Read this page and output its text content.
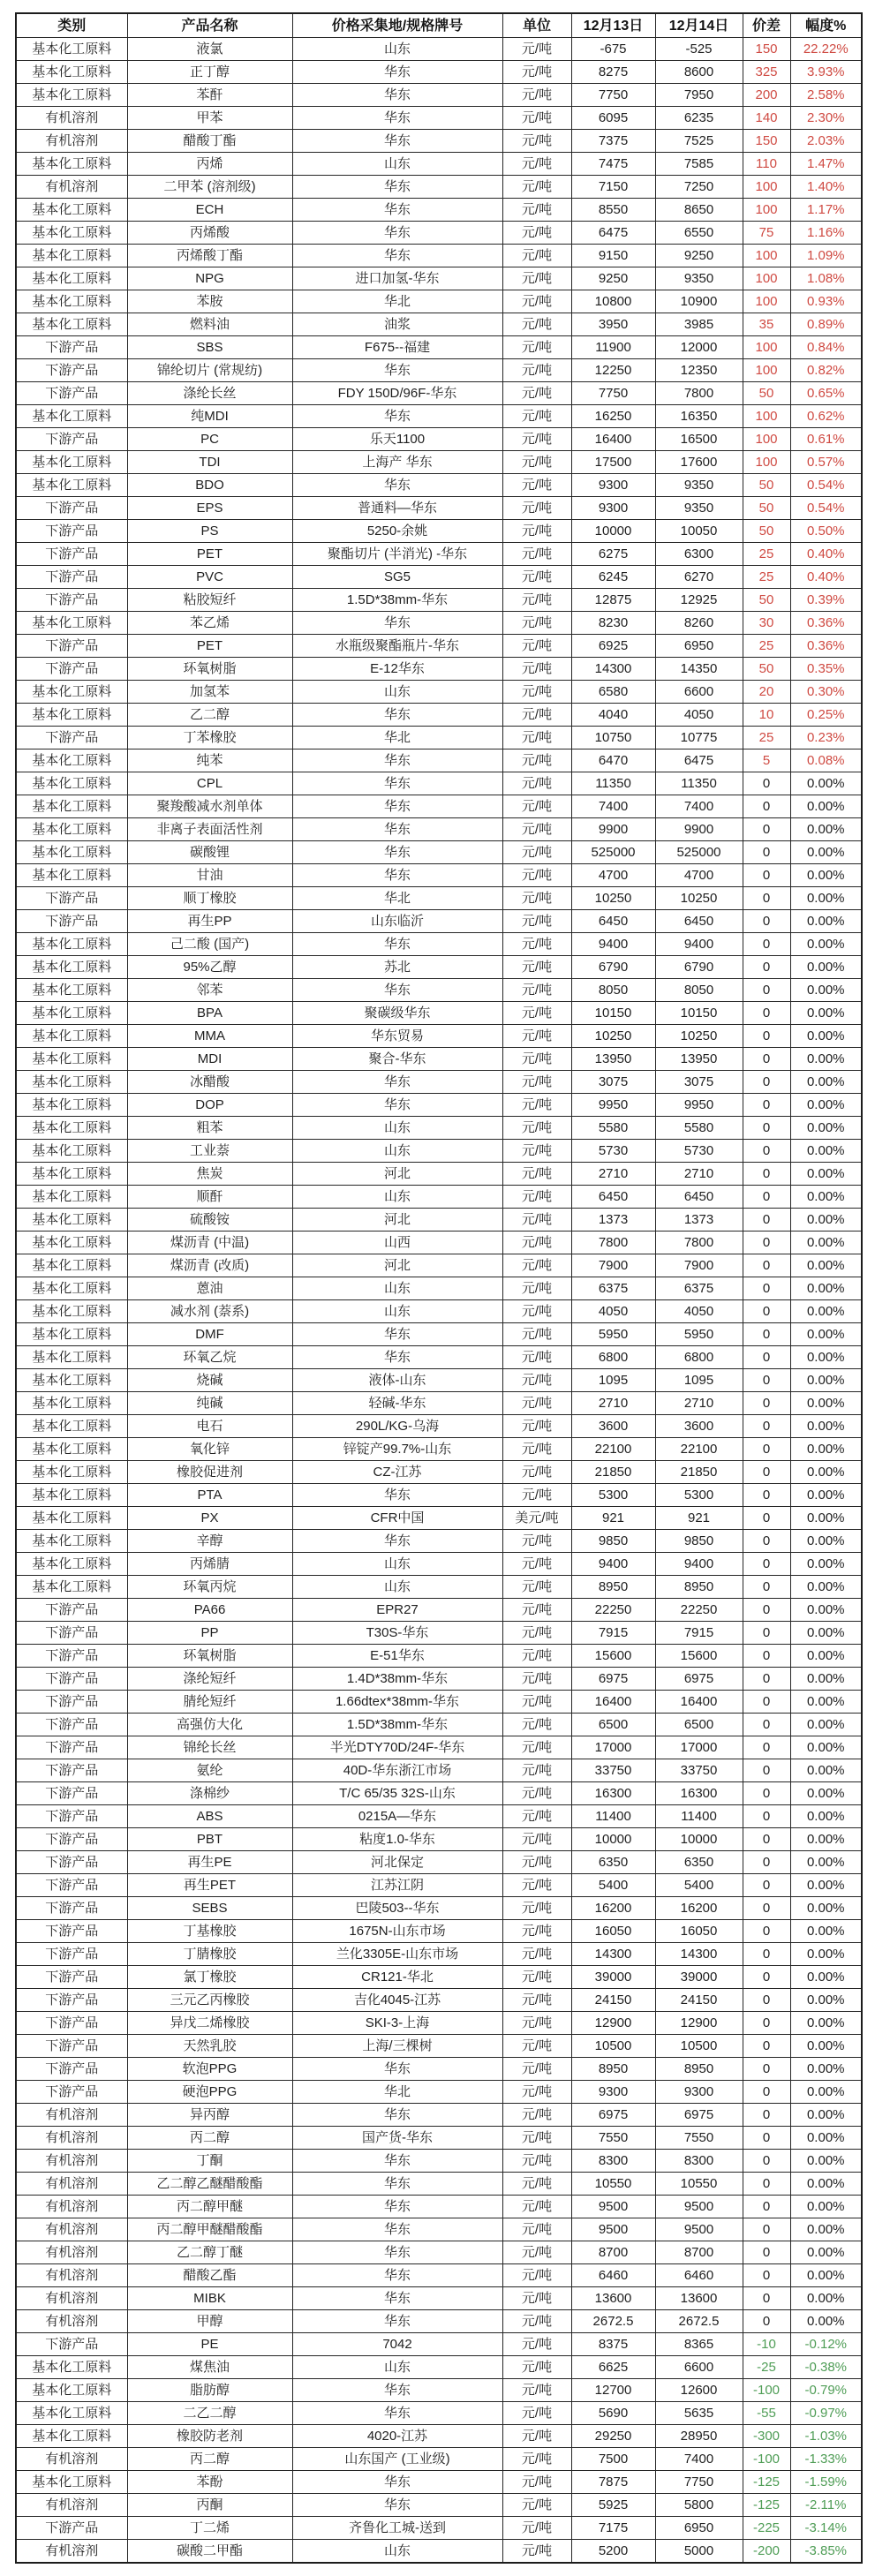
类别	产品名称	价格采集地/规格牌号	单位	12月13日	12月14日	价差	幅度%
基本化工原料	液氯	山东	元/吨	-675	-525	150	22.22%
基本化工原料	正丁醇	华东	元/吨	8275	8600	325	3.93%
基本化工原料	苯酐	华东	元/吨	7750	7950	200	2.58%
有机溶剂	甲苯	华东	元/吨	6095	6235	140	2.30%
有机溶剂	醋酸丁酯	华东	元/吨	7375	7525	150	2.03%
基本化工原料	丙烯	山东	元/吨	7475	7585	110	1.47%
有机溶剂	二甲苯 (溶剂级)	华东	元/吨	7150	7250	100	1.40%
基本化工原料	ECH	华东	元/吨	8550	8650	100	1.17%
基本化工原料	丙烯酸	华东	元/吨	6475	6550	75	1.16%
基本化工原料	丙烯酸丁酯	华东	元/吨	9150	9250	100	1.09%
基本化工原料	NPG	进口加氢-华东	元/吨	9250	9350	100	1.08%
基本化工原料	苯胺	华北	元/吨	10800	10900	100	0.93%
基本化工原料	燃料油	油浆	元/吨	3950	3985	35	0.89%
下游产品	SBS	F675--福建	元/吨	11900	12000	100	0.84%
下游产品	锦纶切片 (常规纺)	华东	元/吨	12250	12350	100	0.82%
下游产品	涤纶长丝	FDY 150D/96F-华东	元/吨	7750	7800	50	0.65%
基本化工原料	纯MDI	华东	元/吨	16250	16350	100	0.62%
下游产品	PC	乐天1100	元/吨	16400	16500	100	0.61%
基本化工原料	TDI	上海产 华东	元/吨	17500	17600	100	0.57%
基本化工原料	BDO	华东	元/吨	9300	9350	50	0.54%
下游产品	EPS	普通料—华东	元/吨	9300	9350	50	0.54%
下游产品	PS	5250-余姚	元/吨	10000	10050	50	0.50%
下游产品	PET	聚酯切片 (半消光) -华东	元/吨	6275	6300	25	0.40%
下游产品	PVC	SG5	元/吨	6245	6270	25	0.40%
下游产品	粘胶短纤	1.5D*38mm-华东	元/吨	12875	12925	50	0.39%
基本化工原料	苯乙烯	华东	元/吨	8230	8260	30	0.36%
下游产品	PET	水瓶级聚酯瓶片-华东	元/吨	6925	6950	25	0.36%
下游产品	环氧树脂	E-12华东	元/吨	14300	14350	50	0.35%
基本化工原料	加氢苯	山东	元/吨	6580	6600	20	0.30%
基本化工原料	乙二醇	华东	元/吨	4040	4050	10	0.25%
下游产品	丁苯橡胶	华北	元/吨	10750	10775	25	0.23%
基本化工原料	纯苯	华东	元/吨	6470	6475	5	0.08%
基本化工原料	CPL	华东	元/吨	11350	11350	0	0.00%
基本化工原料	聚羧酸减水剂单体	华东	元/吨	7400	7400	0	0.00%
基本化工原料	非离子表面活性剂	华东	元/吨	9900	9900	0	0.00%
基本化工原料	碳酸锂	华东	元/吨	525000	525000	0	0.00%
基本化工原料	甘油	华东	元/吨	4700	4700	0	0.00%
下游产品	顺丁橡胶	华北	元/吨	10250	10250	0	0.00%
下游产品	再生PP	山东临沂	元/吨	6450	6450	0	0.00%
基本化工原料	己二酸 (国产)	华东	元/吨	9400	9400	0	0.00%
基本化工原料	95%乙醇	苏北	元/吨	6790	6790	0	0.00%
基本化工原料	邻苯	华东	元/吨	8050	8050	0	0.00%
基本化工原料	BPA	聚碳级华东	元/吨	10150	10150	0	0.00%
基本化工原料	MMA	华东贸易	元/吨	10250	10250	0	0.00%
基本化工原料	MDI	聚合-华东	元/吨	13950	13950	0	0.00%
基本化工原料	冰醋酸	华东	元/吨	3075	3075	0	0.00%
基本化工原料	DOP	华东	元/吨	9950	9950	0	0.00%
基本化工原料	粗苯	山东	元/吨	5580	5580	0	0.00%
基本化工原料	工业萘	山东	元/吨	5730	5730	0	0.00%
基本化工原料	焦炭	河北	元/吨	2710	2710	0	0.00%
基本化工原料	顺酐	山东	元/吨	6450	6450	0	0.00%
基本化工原料	硫酸铵	河北	元/吨	1373	1373	0	0.00%
基本化工原料	煤沥青 (中温)	山西	元/吨	7800	7800	0	0.00%
基本化工原料	煤沥青 (改质)	河北	元/吨	7900	7900	0	0.00%
基本化工原料	蒽油	山东	元/吨	6375	6375	0	0.00%
基本化工原料	减水剂 (萘系)	山东	元/吨	4050	4050	0	0.00%
基本化工原料	DMF	华东	元/吨	5950	5950	0	0.00%
基本化工原料	环氧乙烷	华东	元/吨	6800	6800	0	0.00%
基本化工原料	烧碱	液体-山东	元/吨	1095	1095	0	0.00%
基本化工原料	纯碱	轻碱-华东	元/吨	2710	2710	0	0.00%
基本化工原料	电石	290L/KG-乌海	元/吨	3600	3600	0	0.00%
基本化工原料	氧化锌	锌锭产99.7%-山东	元/吨	22100	22100	0	0.00%
基本化工原料	橡胶促进剂	CZ-江苏	元/吨	21850	21850	0	0.00%
基本化工原料	PTA	华东	元/吨	5300	5300	0	0.00%
基本化工原料	PX	CFR中国	美元/吨	921	921	0	0.00%
基本化工原料	辛醇	华东	元/吨	9850	9850	0	0.00%
基本化工原料	丙烯腈	山东	元/吨	9400	9400	0	0.00%
基本化工原料	环氧丙烷	山东	元/吨	8950	8950	0	0.00%
下游产品	PA66	EPR27	元/吨	22250	22250	0	0.00%
下游产品	PP	T30S-华东	元/吨	7915	7915	0	0.00%
下游产品	环氧树脂	E-51华东	元/吨	15600	15600	0	0.00%
下游产品	涤纶短纤	1.4D*38mm-华东	元/吨	6975	6975	0	0.00%
下游产品	腈纶短纤	1.66dtex*38mm-华东	元/吨	16400	16400	0	0.00%
下游产品	高强仿大化	1.5D*38mm-华东	元/吨	6500	6500	0	0.00%
下游产品	锦纶长丝	半光DTY70D/24F-华东	元/吨	17000	17000	0	0.00%
下游产品	氨纶	40D-华东浙江市场	元/吨	33750	33750	0	0.00%
下游产品	涤棉纱	T/C 65/35 32S-山东	元/吨	16300	16300	0	0.00%
下游产品	ABS	0215A—华东	元/吨	11400	11400	0	0.00%
下游产品	PBT	粘度1.0-华东	元/吨	10000	10000	0	0.00%
下游产品	再生PE	河北保定	元/吨	6350	6350	0	0.00%
下游产品	再生PET	江苏江阴	元/吨	5400	5400	0	0.00%
下游产品	SEBS	巴陵503--华东	元/吨	16200	16200	0	0.00%
下游产品	丁基橡胶	1675N-山东市场	元/吨	16050	16050	0	0.00%
下游产品	丁腈橡胶	兰化3305E-山东市场	元/吨	14300	14300	0	0.00%
下游产品	氯丁橡胶	CR121-华北	元/吨	39000	39000	0	0.00%
下游产品	三元乙丙橡胶	吉化4045-江苏	元/吨	24150	24150	0	0.00%
下游产品	异戊二烯橡胶	SKI-3-上海	元/吨	12900	12900	0	0.00%
下游产品	天然乳胶	上海/三棵树	元/吨	10500	10500	0	0.00%
下游产品	软泡PPG	华东	元/吨	8950	8950	0	0.00%
下游产品	硬泡PPG	华北	元/吨	9300	9300	0	0.00%
有机溶剂	异丙醇	华东	元/吨	6975	6975	0	0.00%
有机溶剂	丙二醇	国产货-华东	元/吨	7550	7550	0	0.00%
有机溶剂	丁酮	华东	元/吨	8300	8300	0	0.00%
有机溶剂	乙二醇乙醚醋酸酯	华东	元/吨	10550	10550	0	0.00%
有机溶剂	丙二醇甲醚	华东	元/吨	9500	9500	0	0.00%
有机溶剂	丙二醇甲醚醋酸酯	华东	元/吨	9500	9500	0	0.00%
有机溶剂	乙二醇丁醚	华东	元/吨	8700	8700	0	0.00%
有机溶剂	醋酸乙酯	华东	元/吨	6460	6460	0	0.00%
有机溶剂	MIBK	华东	元/吨	13600	13600	0	0.00%
有机溶剂	甲醇	华东	元/吨	2672.5	2672.5	0	0.00%
下游产品	PE	7042	元/吨	8375	8365	-10	-0.12%
基本化工原料	煤焦油	山东	元/吨	6625	6600	-25	-0.38%
基本化工原料	脂肪醇	华东	元/吨	12700	12600	-100	-0.79%
基本化工原料	二乙二醇	华东	元/吨	5690	5635	-55	-0.97%
基本化工原料	橡胶防老剂	4020-江苏	元/吨	29250	28950	-300	-1.03%
有机溶剂	丙二醇	山东国产 (工业级)	元/吨	7500	7400	-100	-1.33%
基本化工原料	苯酚	华东	元/吨	7875	7750	-125	-1.59%
有机溶剂	丙酮	华东	元/吨	5925	5800	-125	-2.11%
下游产品	丁二烯	齐鲁化工城-送到	元/吨	7175	6950	-225	-3.14%
有机溶剂	碳酸二甲酯	山东	元/吨	5200	5000	-200	-3.85%
